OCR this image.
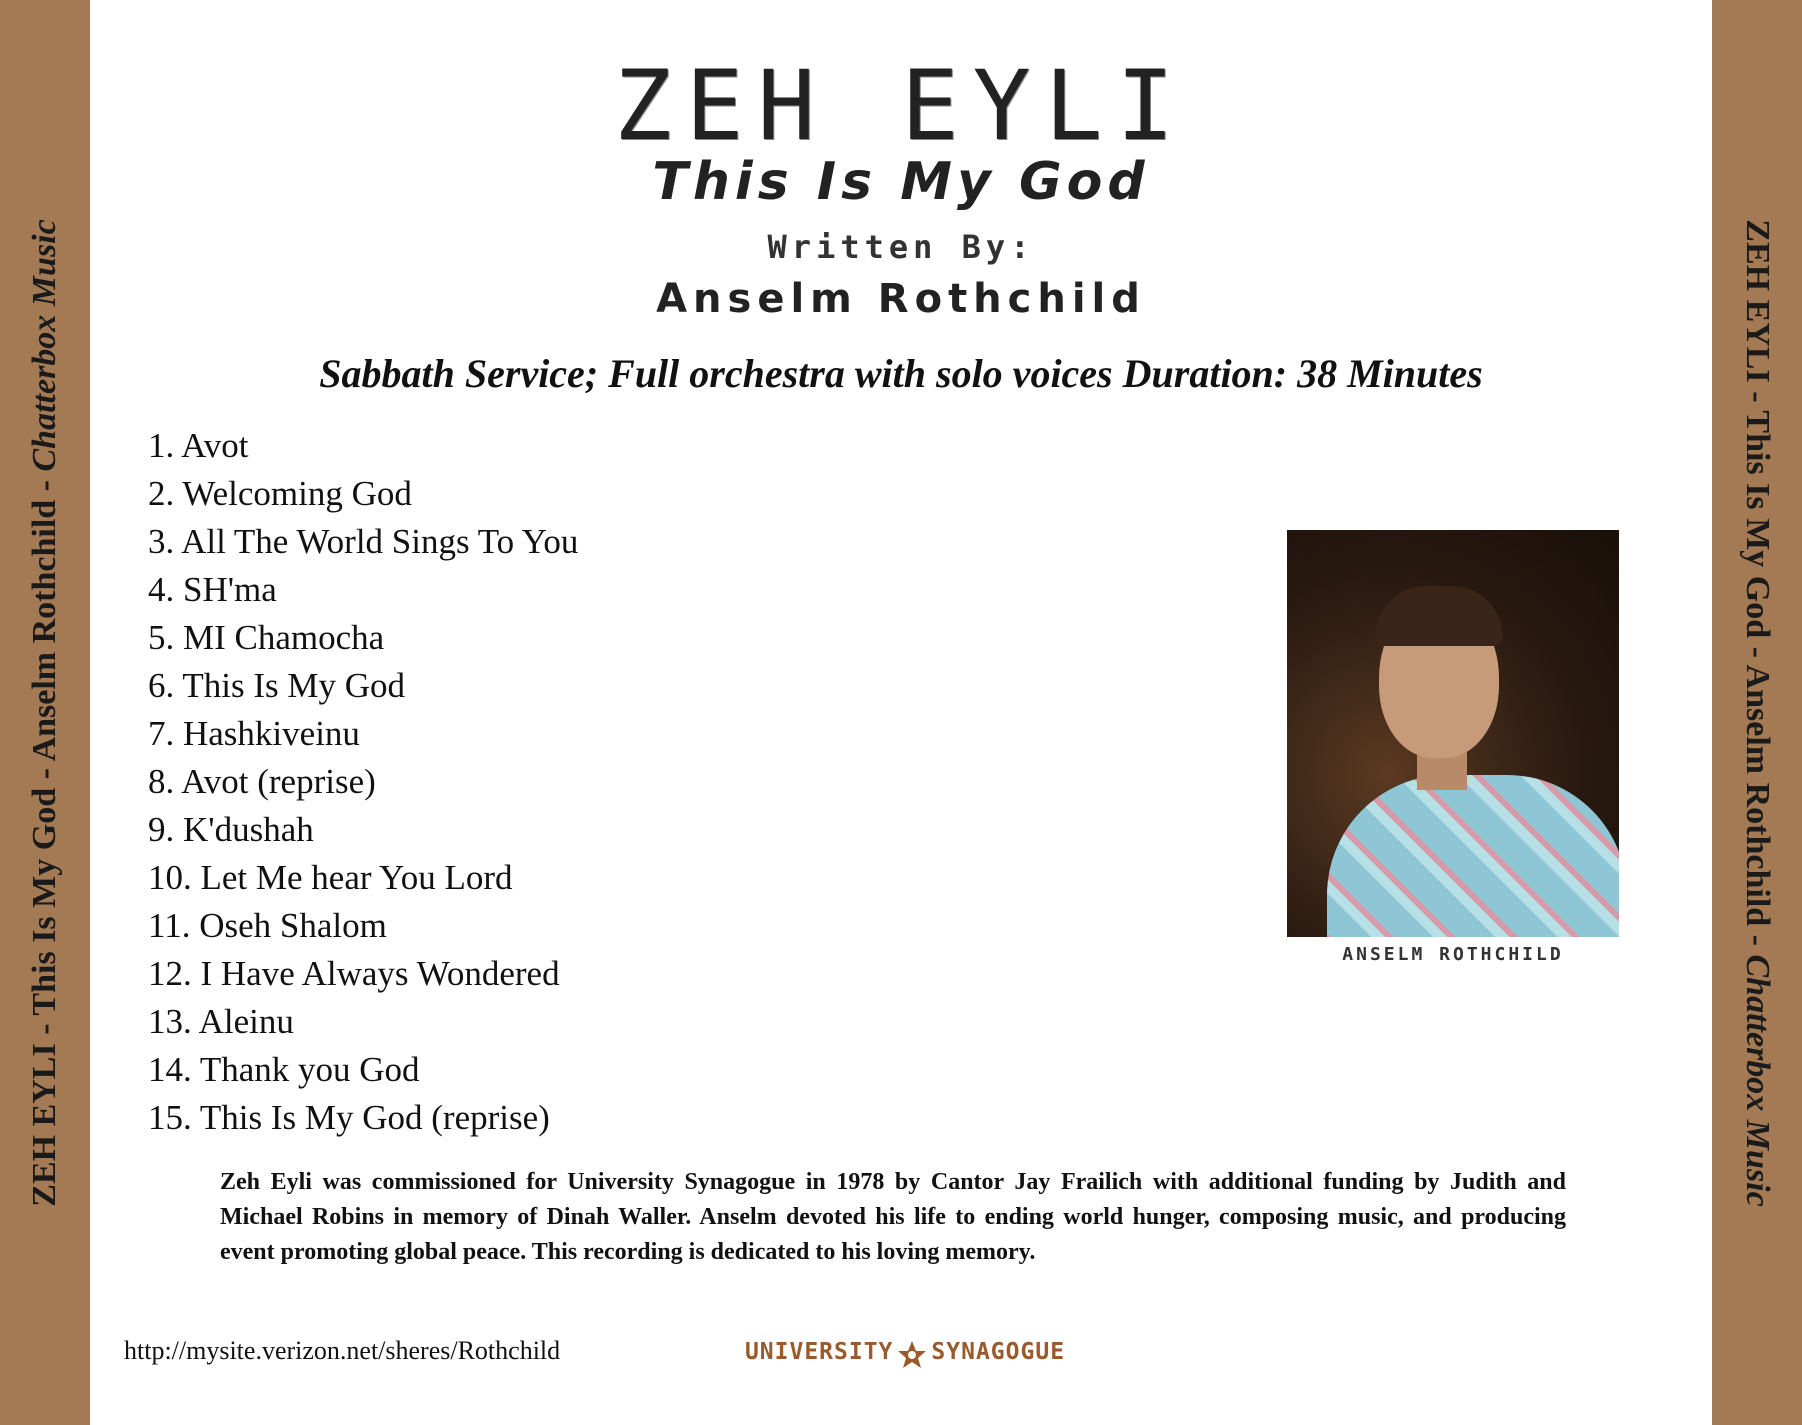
ZEH EYLI - This Is My God - Anselm Rothchild - Chatterbox Music	ZEH EYLI - This Is My God - Anselm Rothchild - Chatterbox Music
ZEH EYLI
This Is My God
Written By:
Anselm Rothchild
Sabbath Service; Full orchestra with solo voices Duration: 38 Minutes
1. Avot
2. Welcoming God
3. All The World Sings To You
4. SH'ma
5. MI Chamocha
6. This Is My God
7. Hashkiveinu
8. Avot (reprise)
9. K'dushah
10. Let Me hear You Lord
11. Oseh Shalom
12. I Have Always Wondered
13. Aleinu
14. Thank you God
15. This Is My God (reprise)
ANSELM ROTHCHILD

Zeh Eyli was commissioned for University Synagogue in 1978 by Cantor Jay Frailich with additional funding by Judith and Michael Robins in memory of Dinah Waller. Anselm devoted his life to ending world hunger, composing music, and producing event promoting global peace. This recording is dedicated to his loving memory.

http://mysite.verizon.net/sheres/Rothchild	UNIVERSITY SYNAGOGUE
